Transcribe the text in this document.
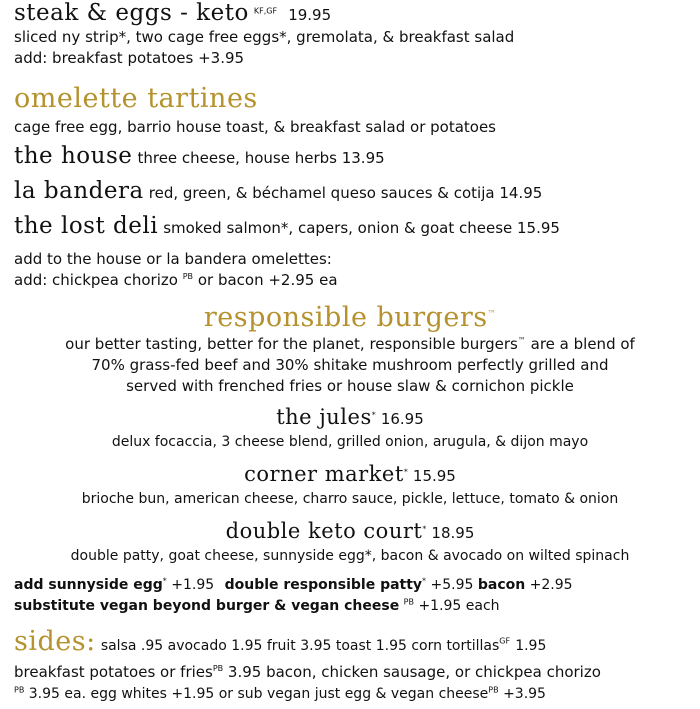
steak & eggs - keto $^{KF,GF}$ 19.95
sliced ny strip*, two cage free eggs*, gremolata, & breakfast salad
add: breakfast potatoes +3.95
omelette tartines
cage free egg, barrio house toast, & breakfast salad or potatoes
the house three cheese, house herbs 13.95
la bandera red, green, & béchamel queso sauces & cotija 14.95
the lost deli smoked salmon*, capers, onion & goat cheese 15.95
add to the house or la bandera omelettes:
add: chickpea chorizo $^{PB}$ or bacon +2.95 ea
responsible burgers™
our better tasting, better for the planet, responsible burgers™ are a blend of
70% grass-fed beef and 30% shitake mushroom perfectly grilled and
served with frenched fries or house slaw & cornichon pickle
the jules* 16.95
delux focaccia, 3 cheese blend, grilled onion, arugula, & dijon mayo
corner market* 15.95
brioche bun, american cheese, charro sauce, pickle, lettuce, tomato & onion
double keto court* 18.95
double patty, goat cheese, sunnyside egg*, bacon & avocado on wilted spinach
add sunnyside egg* +1.95 double responsible patty* +5.95 bacon +2.95
substitute vegan beyond burger & vegan cheese $^{PB}$ +1.95 each
sides: salsa .95 avocado 1.95 fruit 3.95 toast 1.95 corn tortillas$^{GF}$ 1.95
breakfast potatoes or fries$^{PB}$ 3.95 bacon, chicken sausage, or chickpea chorizo
$^{PB}$ 3.95 ea. egg whites +1.95 or sub vegan just egg & vegan cheese$^{PB}$ +3.95
